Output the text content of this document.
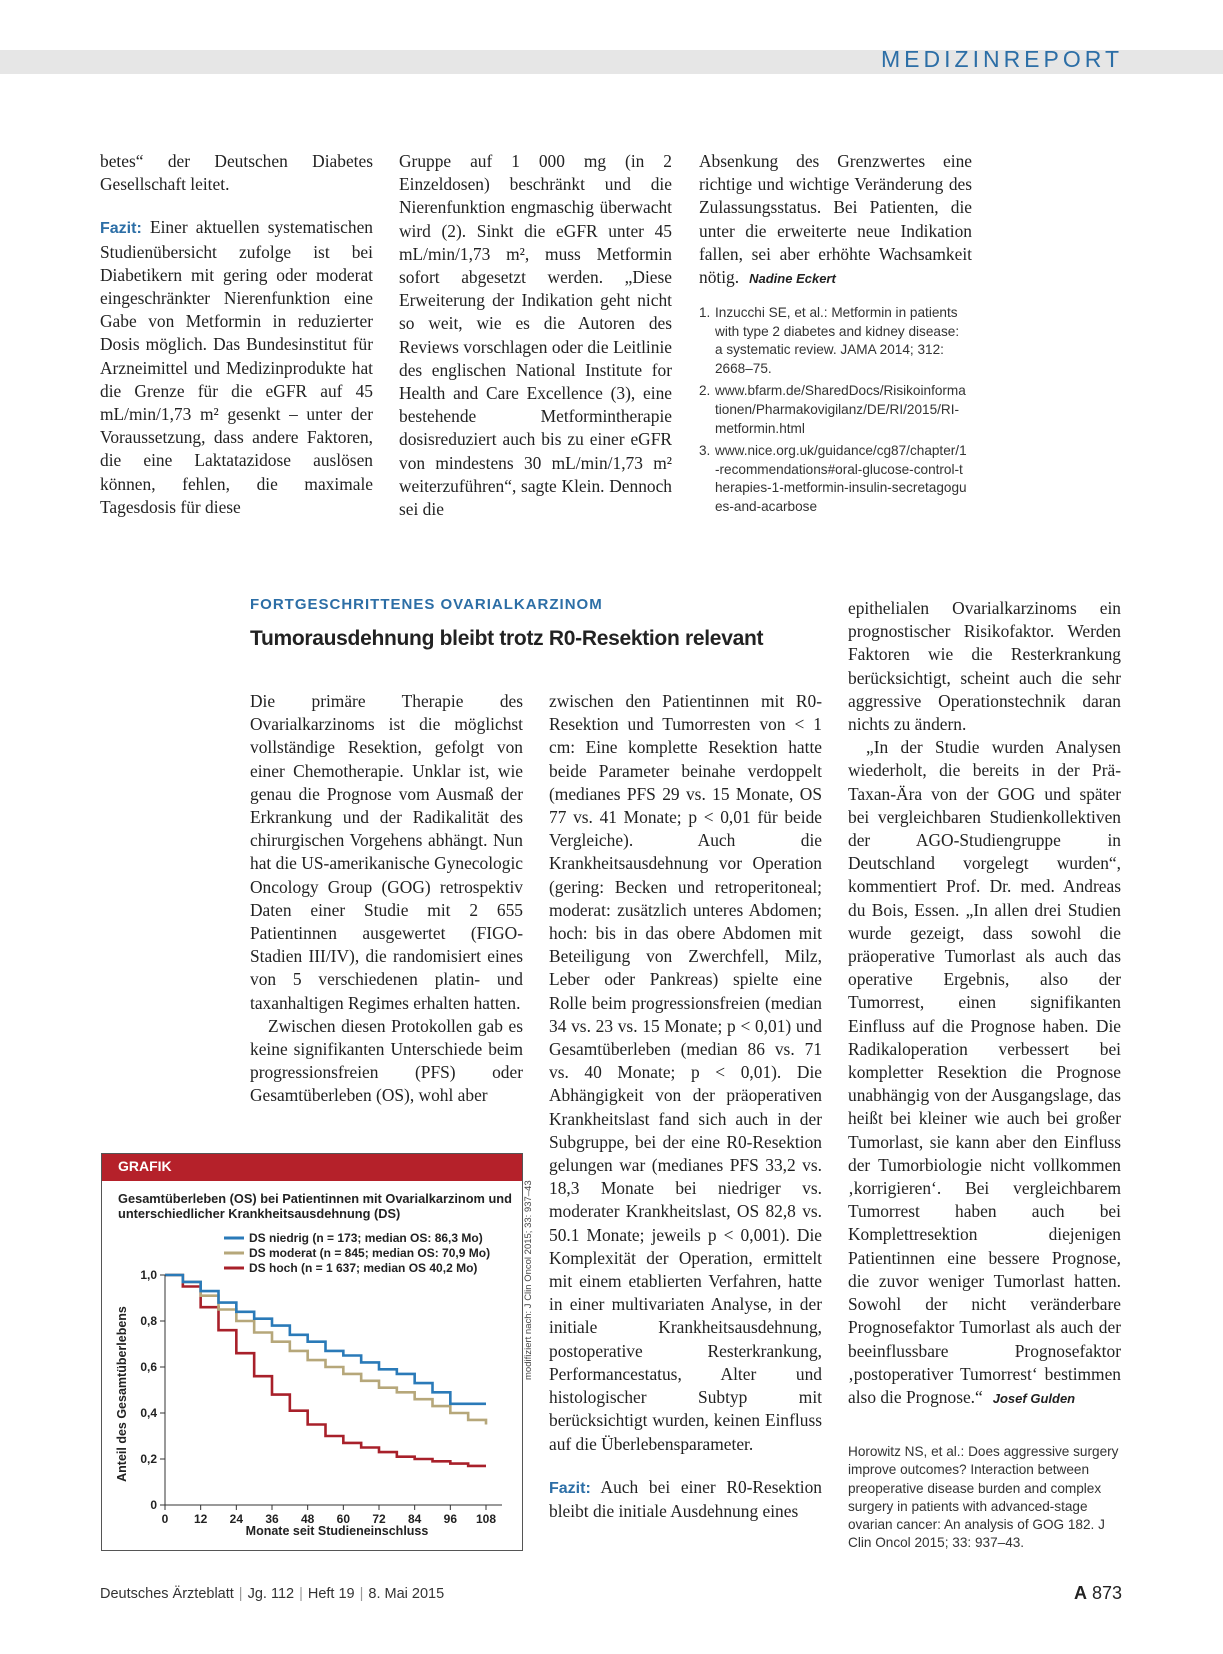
MEDIZINREPORT

betes“ der Deutschen Diabetes Gesellschaft leitet.

Fazit: Einer aktuellen systematischen Studienübersicht zufolge ist bei Diabetikern mit gering oder moderat eingeschränkter Nierenfunktion eine Gabe von Metformin in reduzierter Dosis möglich. Das Bundesinstitut für Arzneimittel und Medizinprodukte hat die Grenze für die eGFR auf 45 mL/min/1,73 m² gesenkt – unter der Voraussetzung, dass andere Faktoren, die eine Laktatazidose auslösen können, fehlen, die maximale Tagesdosis für diese

Gruppe auf 1 000 mg (in 2 Einzeldosen) beschränkt und die Nierenfunktion engmaschig überwacht wird (2). Sinkt die eGFR unter 45 mL/min/1,73 m², muss Metformin sofort abgesetzt werden. „Diese Erweiterung der Indikation geht nicht so weit, wie es die Autoren des Reviews vorschlagen oder die Leitlinie des englischen National Institute for Health and Care Excellence (3), eine bestehende Metformintherapie dosisreduziert auch bis zu einer eGFR von mindestens 30 mL/min/1,73 m² weiterzuführen“, sagte Klein. Dennoch sei die

Absenkung des Grenzwertes eine richtige und wichtige Veränderung des Zulassungsstatus. Bei Patienten, die unter die erweiterte neue Indikation fallen, sei aber erhöhte Wachsamkeit nötig. Nadine Eckert

1. Inzucchi SE, et al.: Metformin in patients with type 2 diabetes and kidney disease: a systematic review. JAMA 2014; 312: 2668–75.
2. www.bfarm.de/SharedDocs/Risikoinformationen/Pharmakovigilanz/DE/RI/2015/RI-metformin.html
3. www.nice.org.uk/guidance/cg87/chapter/1-recommendations#oral-glucose-control-therapies-1-metformin-insulin-secretagogues-and-acarbose
FORTGESCHRITTENES OVARIALKARZINOM
Tumorausdehnung bleibt trotz R0-Resektion relevant

Die primäre Therapie des Ovarialkarzinoms ist die möglichst vollständige Resektion, gefolgt von einer Chemotherapie. Unklar ist, wie genau die Prognose vom Ausmaß der Erkrankung und der Radikalität des chirurgischen Vorgehens abhängt. Nun hat die US-amerikanische Gynecologic Oncology Group (GOG) retrospektiv Daten einer Studie mit 2 655 Patientinnen ausgewertet (FIGO-Stadien III/IV), die randomisiert eines von 5 verschiedenen platin- und taxanhaltigen Regimes erhalten hatten.

Zwischen diesen Protokollen gab es keine signifikanten Unterschiede beim progressionsfreien (PFS) oder Gesamtüberleben (OS), wohl aber

zwischen den Patientinnen mit R0-Resektion und Tumorresten von < 1 cm: Eine komplette Resektion hatte beide Parameter beinahe verdoppelt (medianes PFS 29 vs. 15 Monate, OS 77 vs. 41 Monate; p < 0,01 für beide Vergleiche). Auch die Krankheitsausdehnung vor Operation (gering: Becken und retroperitoneal; moderat: zusätzlich unteres Abdomen; hoch: bis in das obere Abdomen mit Beteiligung von Zwerchfell, Milz, Leber oder Pankreas) spielte eine Rolle beim progressionsfreien (median 34 vs. 23 vs. 15 Monate; p < 0,01) und Gesamtüberleben (median 86 vs. 71 vs. 40 Monate; p < 0,01). Die Abhängigkeit von der präoperativen Krankheitslast fand sich auch in der Subgruppe, bei der eine R0-Resektion gelungen war (medianes PFS 33,2 vs. 18,3 Monate bei niedriger vs. moderater Krankheitslast, OS 82,8 vs. 50.1 Monate; jeweils p < 0,001). Die Komplexität der Operation, ermittelt mit einem etablierten Verfahren, hatte in einer multivariaten Analyse, in der initiale Krankheitsausdehnung, postoperative Resterkrankung, Performancestatus, Alter und histologischer Subtyp mit berücksichtigt wurden, keinen Einfluss auf die Überlebensparameter.

Fazit: Auch bei einer R0-Resektion bleibt die initiale Ausdehnung eines

epithelialen Ovarialkarzinoms ein prognostischer Risikofaktor. Werden Faktoren wie die Resterkrankung berücksichtigt, scheint auch die sehr aggressive Operationstechnik daran nichts zu ändern.

„In der Studie wurden Analysen wiederholt, die bereits in der Prä-Taxan-Ära von der GOG und später bei vergleichbaren Studienkollektiven der AGO-Studiengruppe in Deutschland vorgelegt wurden“, kommentiert Prof. Dr. med. Andreas du Bois, Essen. „In allen drei Studien wurde gezeigt, dass sowohl die präoperative Tumorlast als auch das operative Ergebnis, also der Tumorrest, einen signifikanten Einfluss auf die Prognose haben. Die Radikaloperation verbessert bei kompletter Resektion die Prognose unabhängig von der Ausgangslage, das heißt bei kleiner wie auch bei großer Tumorlast, sie kann aber den Einfluss der Tumorbiologie nicht vollkommen ‚korrigieren‘. Bei vergleichbarem Tumorrest haben auch bei Komplettresektion diejenigen Patientinnen eine bessere Prognose, die zuvor weniger Tumorlast hatten. Sowohl der nicht veränderbare Prognosefaktor Tumorlast als auch der beeinflussbare Prognosefaktor ‚postoperativer Tumorrest‘ bestimmen also die Prognose.“ Josef Gulden

Horowitz NS, et al.: Does aggressive surgery improve outcomes? Interaction between preoperative disease burden and complex surgery in patients with advanced-stage ovarian cancer: An analysis of GOG 182. J Clin Oncol 2015; 33: 937–43.
GRAFIK
Gesamtüberleben (OS) bei Patientinnen mit Ovarialkarzinom und unterschiedlicher Krankheitsausdehnung (DS)
DS niedrig (n = 173; median OS: 86,3 Mo)
DS moderat (n = 845; median OS: 70,9 Mo)
DS hoch (n = 1 637; median OS 40,2 Mo)
0
0,2
0,4
0,6
0,8
1,0
0 12 24 36 48 60 72 84 96 108
Monate seit Studieneinschluss
Anteil des Gesamtüberlebens
modifiziert nach: J Clin Oncol 2015; 33: 937–43
Deutsches Ärzteblatt | Jg. 112 | Heft 19 | 8. Mai 2015	A 873
